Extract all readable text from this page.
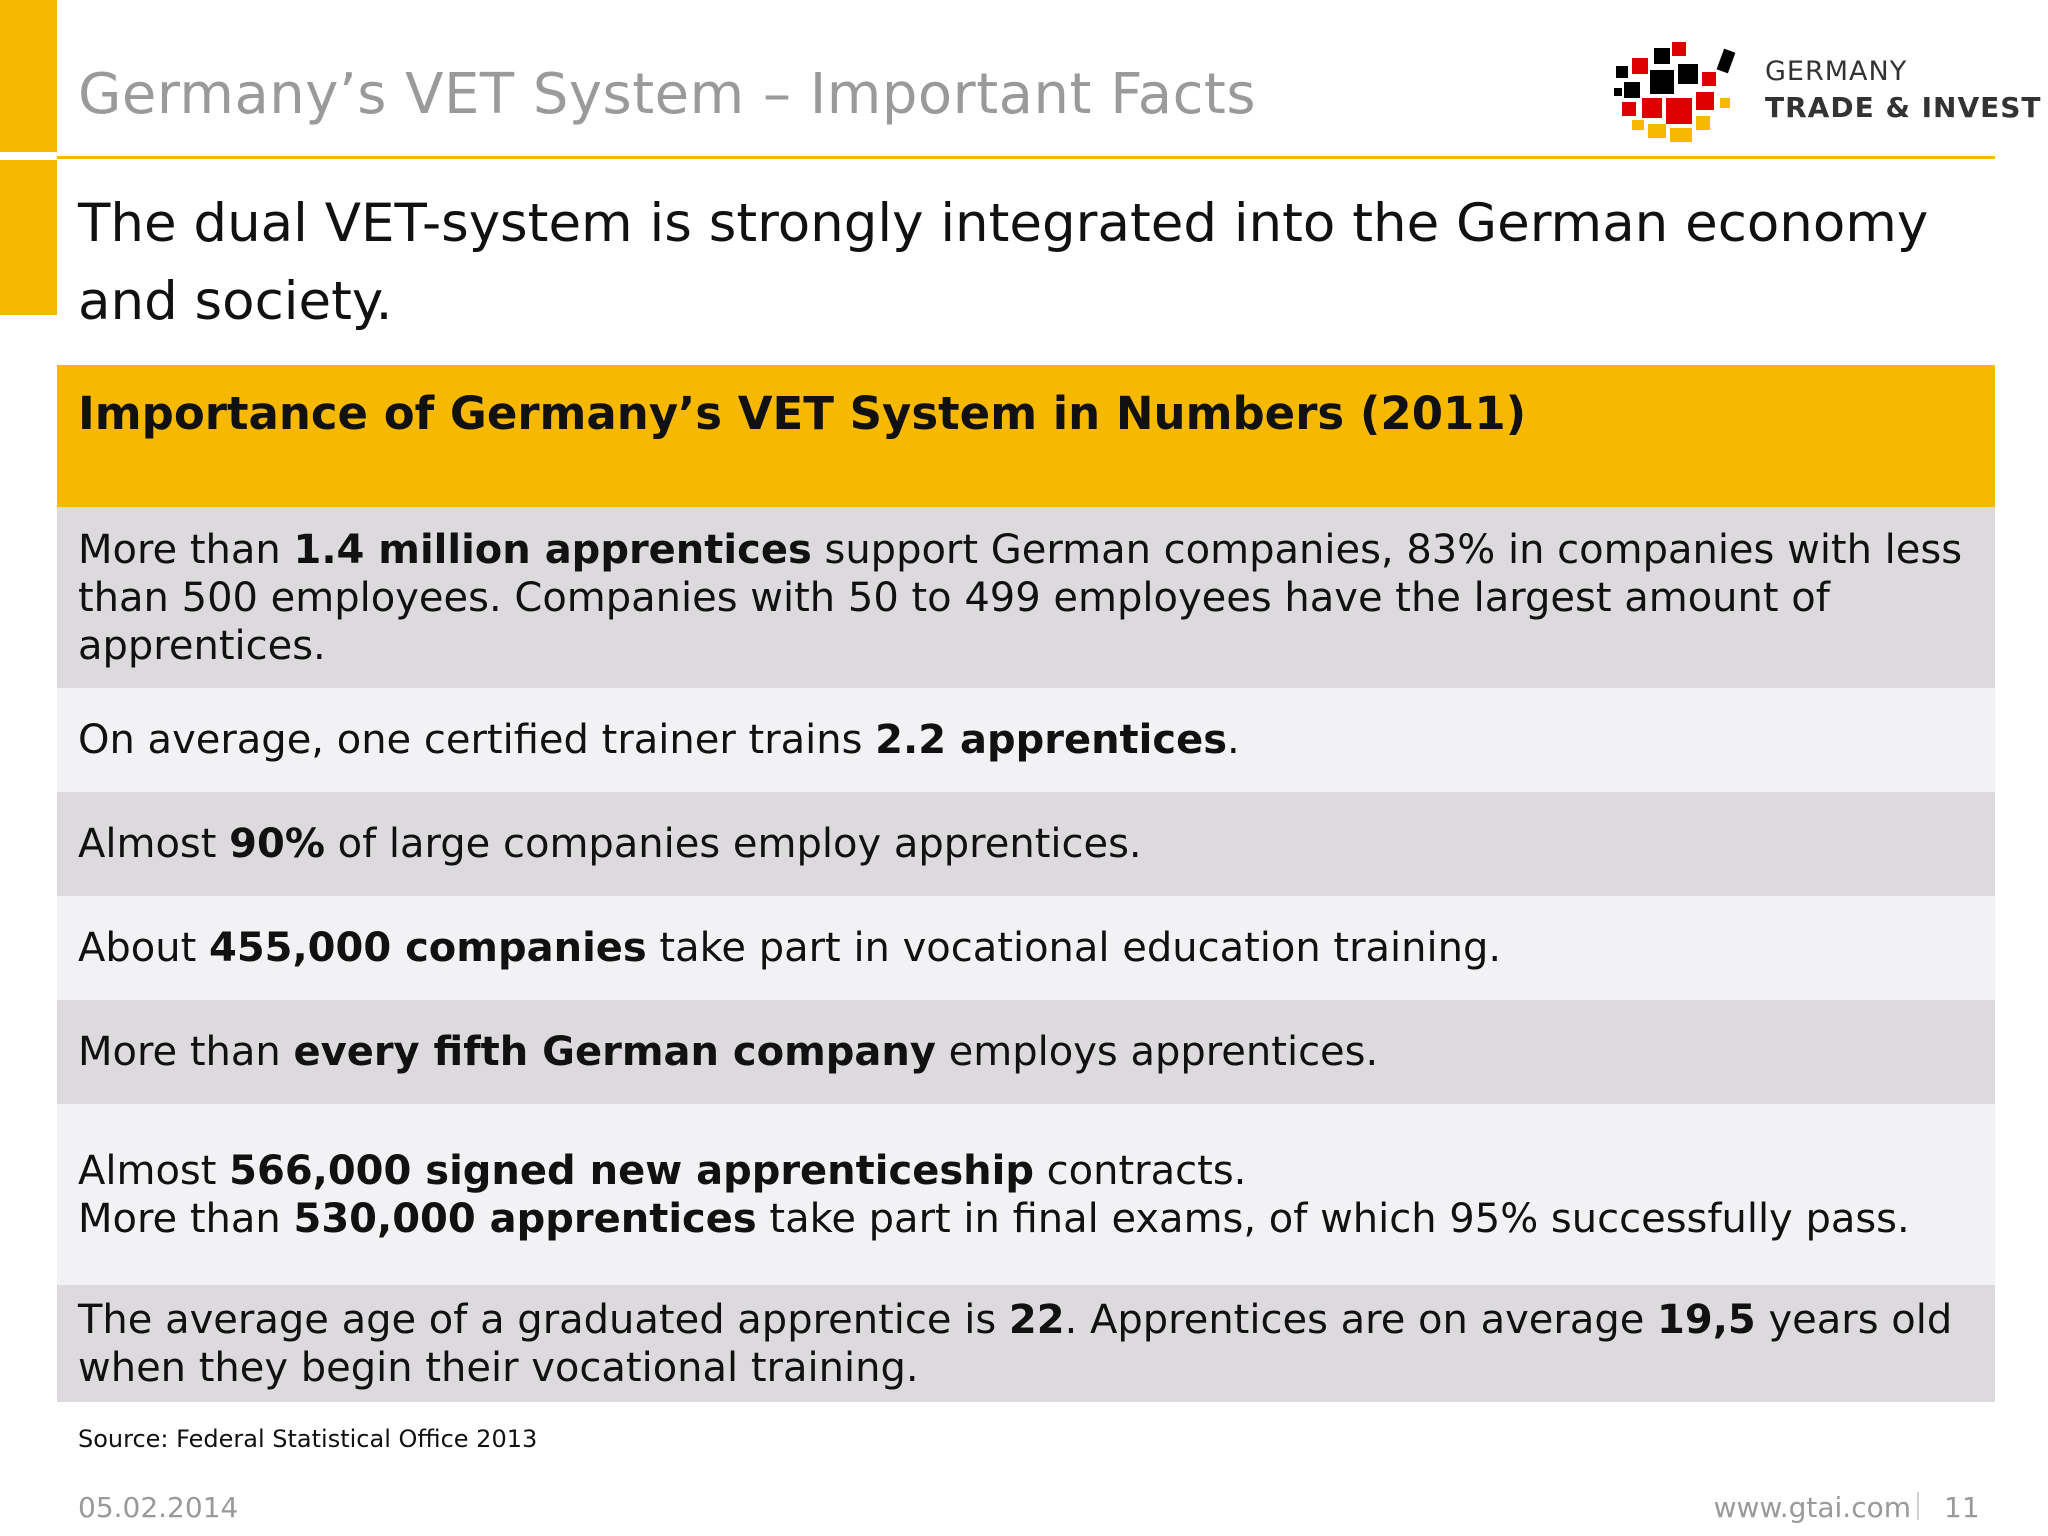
Germany’s VET System – Important Facts	GERMANY
TRADE & INVEST
The dual VET-system is strongly integrated into the German economy and society.
Importance of Germany’s VET System in Numbers (2011)
More than 1.4 million apprentices support German companies, 83% in companies with less than 500 employees. Companies with 50 to 499 employees have the largest amount of apprentices.
On average, one certified trainer trains 2.2 apprentices.
Almost 90% of large companies employ apprentices.
About 455,000 companies take part in vocational education training.
More than every fifth German company employs apprentices.
Almost 566,000 signed new apprenticeship contracts.
More than 530,000 apprentices take part in final exams, of which 95% successfully pass.
The average age of a graduated apprentice is 22. Apprentices are on average 19,5 years old when they begin their vocational training.
Source: Federal Statistical Office 2013
05.02.2014	www.gtai.com 11
